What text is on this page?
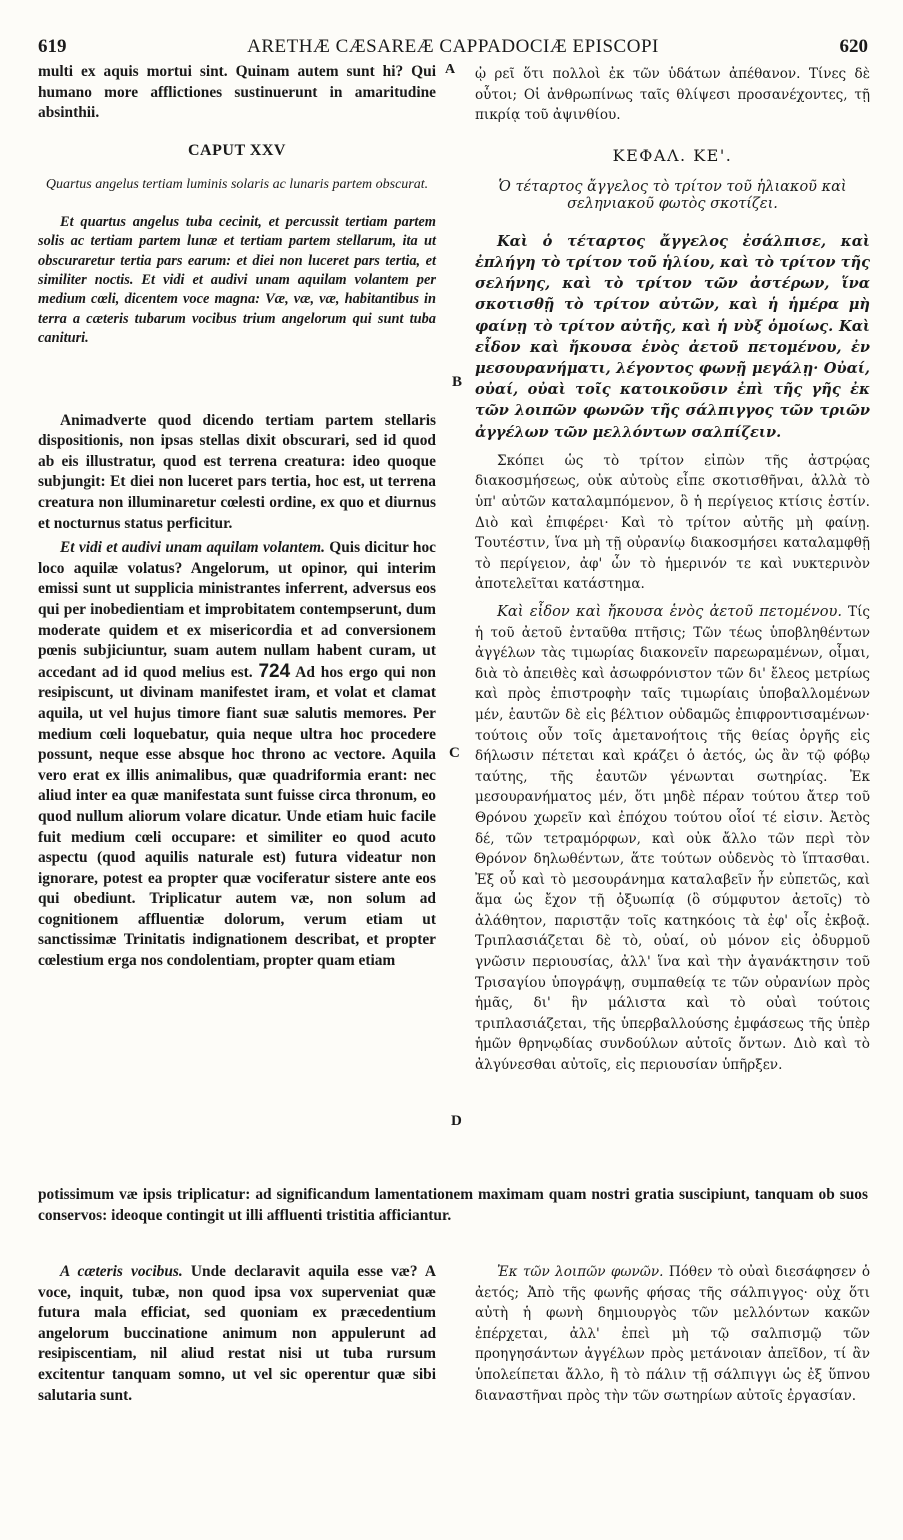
619	ARETHÆ CÆSAREÆ CAPPADOCIÆ EPISCOPI	620
A
B
C
D

multi ex aquis mortui sint. Quinam autem sunt hi? Qui humano more afflictiones sustinuerunt in amaritudine absinthii.

CAPUT XXV

Quartus angelus tertiam luminis solaris ac lunaris partem obscurat.

Et quartus angelus tuba cecinit, et percussit tertiam partem solis ac tertiam partem lunæ et tertiam partem stellarum, ita ut obscuraretur tertia pars earum: et diei non luceret pars tertia, et similiter noctis. Et vidi et audivi unam aquilam volantem per medium cœli, dicentem voce magna: Væ, væ, væ, habitantibus in terra a cæteris tubarum vocibus trium angelorum qui sunt tuba canituri.

Animadverte quod dicendo tertiam partem stellaris dispositionis, non ipsas stellas dixit obscurari, sed id quod ab eis illustratur, quod est terrena creatura: ideo quoque subjungit: Et diei non luceret pars tertia, hoc est, ut terrena creatura non illuminaretur cœlesti ordine, ex quo et diurnus et nocturnus status perficitur.

Et vidi et audivi unam aquilam volantem. Quis dicitur hoc loco aquilæ volatus? Angelorum, ut opinor, qui interim emissi sunt ut supplicia ministrantes inferrent, adversus eos qui per inobedientiam et improbitatem contempserunt, dum moderate quidem et ex misericordia et ad conversionem pœnis subjiciuntur, suam autem nullam habent curam, ut accedant ad id quod melius est. 724 Ad hos ergo qui non resipiscunt, ut divinam manifestet iram, et volat et clamat aquila, ut vel hujus timore fiant suæ salutis memores. Per medium cœli loquebatur, quia neque ultra hoc procedere possunt, neque esse absque hoc throno ac vectore. Aquila vero erat ex illis animalibus, quæ quadriformia erant: nec aliud inter ea quæ manifestata sunt fuisse circa thronum, eo quod nullum aliorum volare dicatur. Unde etiam huic facile fuit medium cœli occupare: et similiter eo quod acuto aspectu (quod aquilis naturale est) futura videatur non ignorare, potest ea propter quæ vociferatur sistere ante eos qui obediunt. Triplicatur autem væ, non solum ad cognitionem affluentiæ dolorum, verum etiam ut sanctissimæ Trinitatis indignationem describat, et propter cœlestium erga nos condolentiam, propter quam etiam

potissimum væ ipsis triplicatur: ad significandum lamentationem maximam quam nostri gratia suscipiunt, tanquam ob suos conservos: ideoque contingit ut illi affluenti tristitia afficiantur.

A cæteris vocibus. Unde declaravit aquila esse væ? A voce, inquit, tubæ, non quod ipsa vox superveniat quæ futura mala efficiat, sed quoniam ex præcedentium angelorum buccinatione animum non appulerunt ad resipiscentiam, nil aliud restat nisi ut tuba rursum excitentur tanquam somno, ut vel sic operentur quæ sibi salutaria sunt.

ᾠ ρεῖ ὅτι πολλοὶ ἐκ τῶν ὑδάτων ἀπέθανον. Τίνες δὲ οὗτοι; Οἱ ἀνθρωπίνως ταῖς θλίψεσι προσανέχοντες, τῇ πικρίᾳ τοῦ ἀψινθίου.

ΚΕΦΑΛ. ΚΕ'.

Ὁ τέταρτος ἄγγελος τὸ τρίτον τοῦ ἡλιακοῦ καὶ σεληνιακοῦ φωτὸς σκοτίζει.

Καὶ ὁ τέταρτος ἄγγελος ἐσάλπισε, καὶ ἐπλήγη τὸ τρίτον τοῦ ἡλίου, καὶ τὸ τρίτον τῆς σελήνης, καὶ τὸ τρίτον τῶν ἀστέρων, ἵνα σκοτισθῇ τὸ τρίτον αὐτῶν, καὶ ἡ ἡμέρα μὴ φαίνῃ τὸ τρίτον αὐτῆς, καὶ ἡ νὺξ ὁμοίως. Καὶ εἶδον καὶ ἤκουσα ἑνὸς ἀετοῦ πετομένου, ἐν μεσουρανήματι, λέγοντος φωνῇ μεγάλῃ· Οὐαί, οὐαί, οὐαὶ τοῖς κατοικοῦσιν ἐπὶ τῆς γῆς ἐκ τῶν λοιπῶν φωνῶν τῆς σάλπιγγος τῶν τριῶν ἀγγέλων τῶν μελλόντων σαλπίζειν.

Σκόπει ὡς τὸ τρίτον εἰπὼν τῆς ἀστρῴας διακοσμήσεως, οὐκ αὐτοὺς εἶπε σκοτισθῆναι, ἀλλὰ τὸ ὑπ' αὐτῶν καταλαμπόμενον, ὃ ἡ περίγειος κτίσις ἐστίν. Διὸ καὶ ἐπιφέρει· Καὶ τὸ τρίτον αὐτῆς μὴ φαίνῃ. Τουτέστιν, ἵνα μὴ τῇ οὐρανίῳ διακοσμήσει καταλαμφθῇ τὸ περίγειον, ἀφ' ὧν τὸ ἡμερινόν τε καὶ νυκτερινὸν ἀποτελεῖται κατάστημα.

Καὶ εἶδον καὶ ἤκουσα ἑνὸς ἀετοῦ πετομένου. Τίς ἡ τοῦ ἀετοῦ ἐνταῦθα πτῆσις; Τῶν τέως ὑποβληθέντων ἀγγέλων τὰς τιμωρίας διακονεῖν παρεωραμένων, οἶμαι, διὰ τὸ ἀπειθὲς καὶ ἀσωφρόνιστον τῶν δι' ἔλεος μετρίως καὶ πρὸς ἐπιστροφὴν ταῖς τιμωρίαις ὑποβαλλομένων μέν, ἑαυτῶν δὲ εἰς βέλτιον οὐδαμῶς ἐπιφροντισαμένων· τούτοις οὖν τοῖς ἀμετανοήτοις τῆς θείας ὀργῆς εἰς δήλωσιν πέτεται καὶ κράζει ὁ ἀετός, ὡς ἂν τῷ φόβῳ ταύτης, τῆς ἑαυτῶν γένωνται σωτηρίας. Ἐκ μεσουρανήματος μέν, ὅτι μηδὲ πέραν τούτου ἄτερ τοῦ Θρόνου χωρεῖν καὶ ἐπόχου τούτου οἷοί τέ εἰσιν. Ἀετὸς δέ, τῶν τετραμόρφων, καὶ οὐκ ἄλλο τῶν περὶ τὸν Θρόνον δηλωθέντων, ἅτε τούτων οὐδενὸς τὸ ἵπτασθαι. Ἐξ οὗ καὶ τὸ μεσουράνημα καταλαβεῖν ἦν εὐπετῶς, καὶ ἅμα ὡς ἔχον τῇ ὀξυωπίᾳ (ὃ σύμφυτον ἀετοῖς) τὸ ἀλάθητον, παριστᾷν τοῖς κατηκόοις τὰ ἐφ' οἷς ἐκβοᾷ. Τριπλασιάζεται δὲ τὸ, οὐαί, οὐ μόνον εἰς ὀδυρμοῦ γνῶσιν περιουσίας, ἀλλ' ἵνα καὶ τὴν ἀγανάκτησιν τοῦ Τρισαγίου ὑπογράψῃ, συμπαθείᾳ τε τῶν οὐρανίων πρὸς ἡμᾶς, δι' ἣν μάλιστα καὶ τὸ οὐαὶ τούτοις τριπλασιάζεται, τῆς ὑπερβαλλούσης ἐμφάσεως τῆς ὑπὲρ ἡμῶν θρηνῳδίας συνδούλων αὐτοῖς ὄντων. Διὸ καὶ τὸ ἀλγύνεσθαι αὐτοῖς, εἰς περιουσίαν ὑπῆρξεν.

Ἐκ τῶν λοιπῶν φωνῶν. Πόθεν τὸ οὐαὶ διεσάφησεν ὁ ἀετός; Ἀπὸ τῆς φωνῆς φήσας τῆς σάλπιγγος· οὐχ ὅτι αὐτὴ ἡ φωνὴ δημιουργὸς τῶν μελλόντων κακῶν ἐπέρχεται, ἀλλ' ἐπεὶ μὴ τῷ σαλπισμῷ τῶν προηγησάντων ἀγγέλων πρὸς μετάνοιαν ἀπεῖδον, τί ἂν ὑπολείπεται ἄλλο, ἢ τὸ πάλιν τῇ σάλπιγγι ὡς ἐξ ὕπνου διαναστῆναι πρὸς τὴν τῶν σωτηρίων αὐτοῖς ἐργασίαν.
